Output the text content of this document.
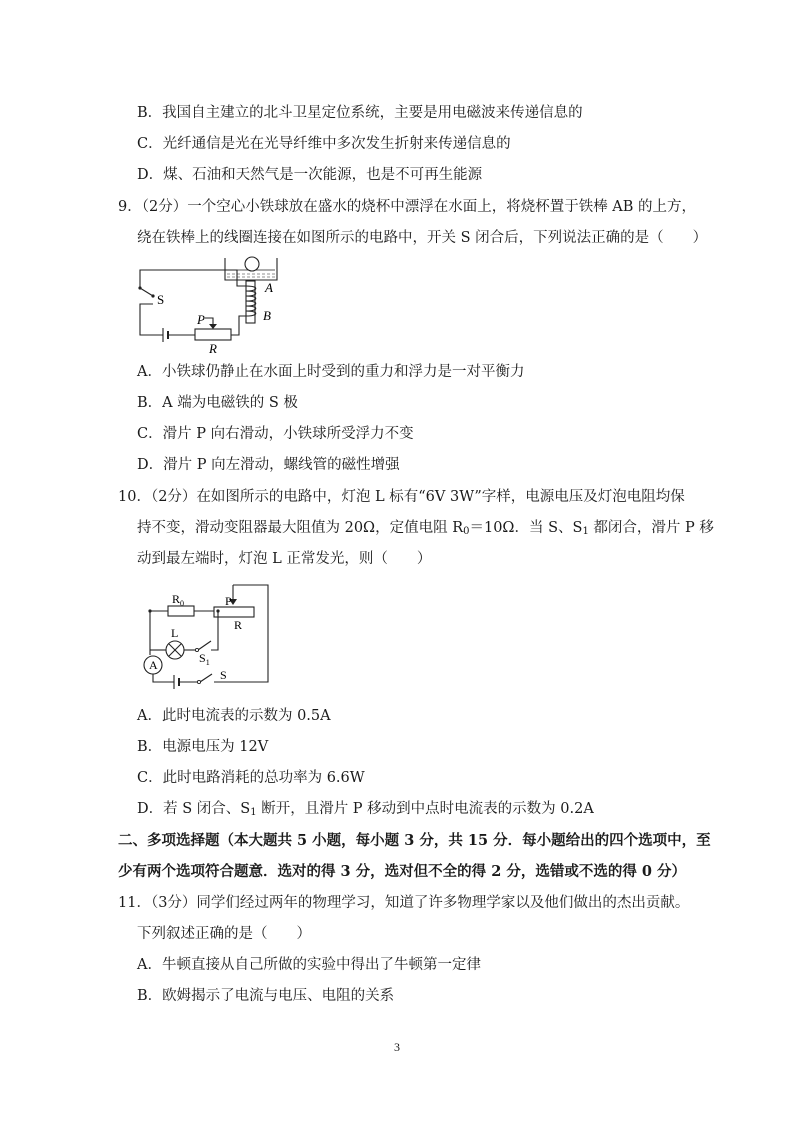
B．我国自主建立的北斗卫星定位系统，主要是用电磁波来传递信息的
C．光纤通信是光在光导纤维中多次发生折射来传递信息的
D．煤、石油和天然气是一次能源，也是不可再生能源
9．（2分）一个空心小铁球放在盛水的烧杯中漂浮在水面上，将烧杯置于铁棒 AB 的上方，
绕在铁棒上的线圈连接在如图所示的电路中，开关 S 闭合后，下列说法正确的是（　　）
S
A
B
P
R
A．小铁球仍静止在水面上时受到的重力和浮力是一对平衡力
B．A 端为电磁铁的 S 极
C．滑片 P 向右滑动，小铁球所受浮力不变
D．滑片 P 向左滑动，螺线管的磁性增强
10．（2分）在如图所示的电路中，灯泡 L 标有“6V 3W”字样，电源电压及灯泡电阻均保
持不变，滑动变阻器最大阻值为 20Ω，定值电阻 $R_0=10\Omega$．当 S、$S_1$ 都闭合，滑片 P 移
动到最左端时，灯泡 L 正常发光，则（　　）
$R_0$	P
R
L
$S_1$
A
S
A．此时电流表的示数为 0.5A
B．电源电压为 12V
C．此时电路消耗的总功率为 6.6W
D．若 S 闭合、$S_1$ 断开，且滑片 P 移动到中点时电流表的示数为 0.2A
二、多项选择题（本大题共 5 小题，每小题 3 分，共 15 分．每小题给出的四个选项中，至
少有两个选项符合题意．选对的得 3 分，选对但不全的得 2 分，选错或不选的得 0 分）
11．（3分）同学们经过两年的物理学习，知道了许多物理学家以及他们做出的杰出贡献。
下列叙述正确的是（　　）
A．牛顿直接从自己所做的实验中得出了牛顿第一定律
B．欧姆揭示了电流与电压、电阻的关系
3
